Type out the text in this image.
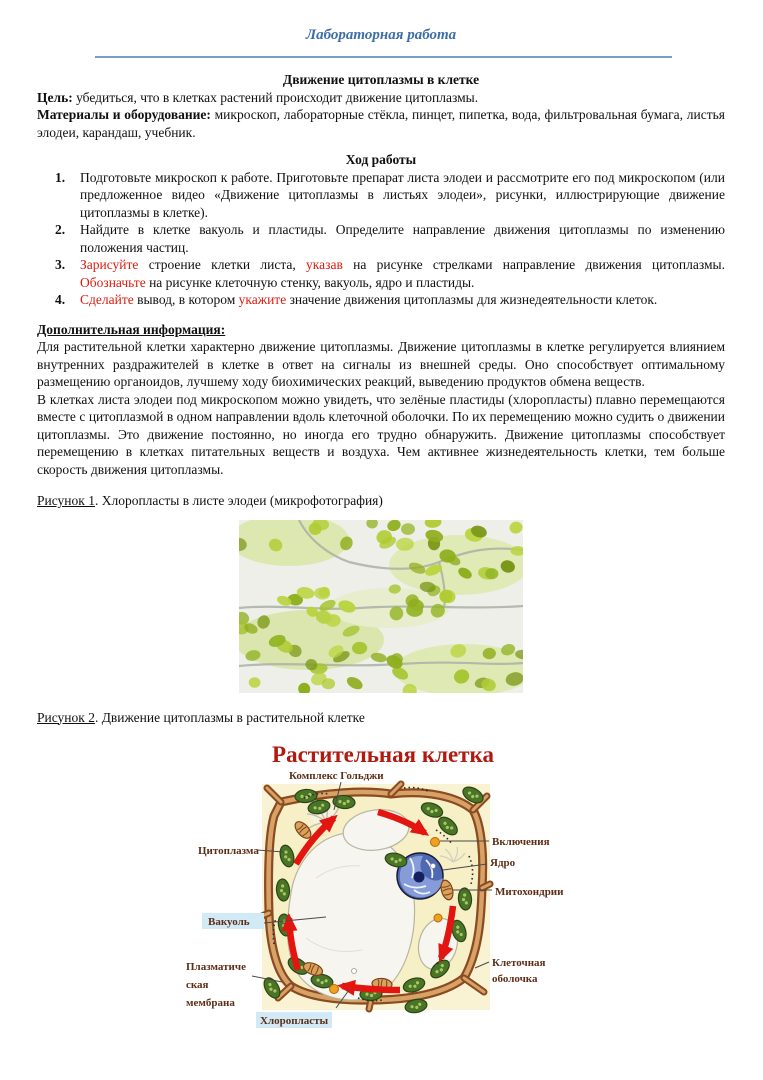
Лабораторная работа
Движение цитоплазмы в клетке

Цель: убедиться, что в клетках растений происходит движение цитоплазмы.

Материалы и оборудование: микроскоп, лабораторные стёкла, пинцет, пипетка, вода, фильтровальная бумага, листья элодеи, карандаш, учебник.

Ход работы
1.	Подготовьте микроскоп к работе. Приготовьте препарат листа элодеи и рассмотрите его под микроскопом (или предложенное видео «Движение цитоплазмы в листьях элодеи», рисунки, иллюстрирующие движение цитоплазмы в клетке).
2.	Найдите в клетке вакуоль и пластиды. Определите направление движения цитоплазмы по изменению положения частиц.
3.	Зарисуйте строение клетки листа, указав на рисунке стрелками направление движения цитоплазмы. Обозначьте на рисунке клеточную стенку, вакуоль, ядро и пластиды.
4.	Сделайте вывод, в котором укажите значение движения цитоплазмы для жизнедеятельности клеток.
Дополнительная информация:

Для растительной клетки характерно движение цитоплазмы. Движение цитоплазмы в клетке регулируется влиянием внутренних раздражителей в клетке в ответ на сигналы из внешней среды. Оно способствует оптимальному размещению органоидов, лучшему ходу биохимических реакций, выведению продуктов обмена веществ.

В клетках листа элодеи под микроскопом можно увидеть, что зелёные пластиды (хлоропласты) плавно перемещаются вместе с цитоплазмой в одном направлении вдоль клеточной оболочки. По их перемещению можно судить о движении цитоплазмы. Это движение постоянно, но иногда его трудно обнаружить. Движение цитоплазмы способствует перемещению в клетках питательных веществ и воздуха. Чем активнее жизнедеятельность клетки, тем больше скорость движения цитоплазмы.

Рисунок 1. Хлоропласты в листе элодеи (микрофотография)

Рисунок 2. Движение цитоплазмы в растительной клетке

Растительная клетка
Комплекс Гольджи
Цитоплазма
Включения
Ядро
Митохондрии
Вакуоль
Плазматиче
ская
мембрана
Клеточная
оболочка
Хлоропласты
